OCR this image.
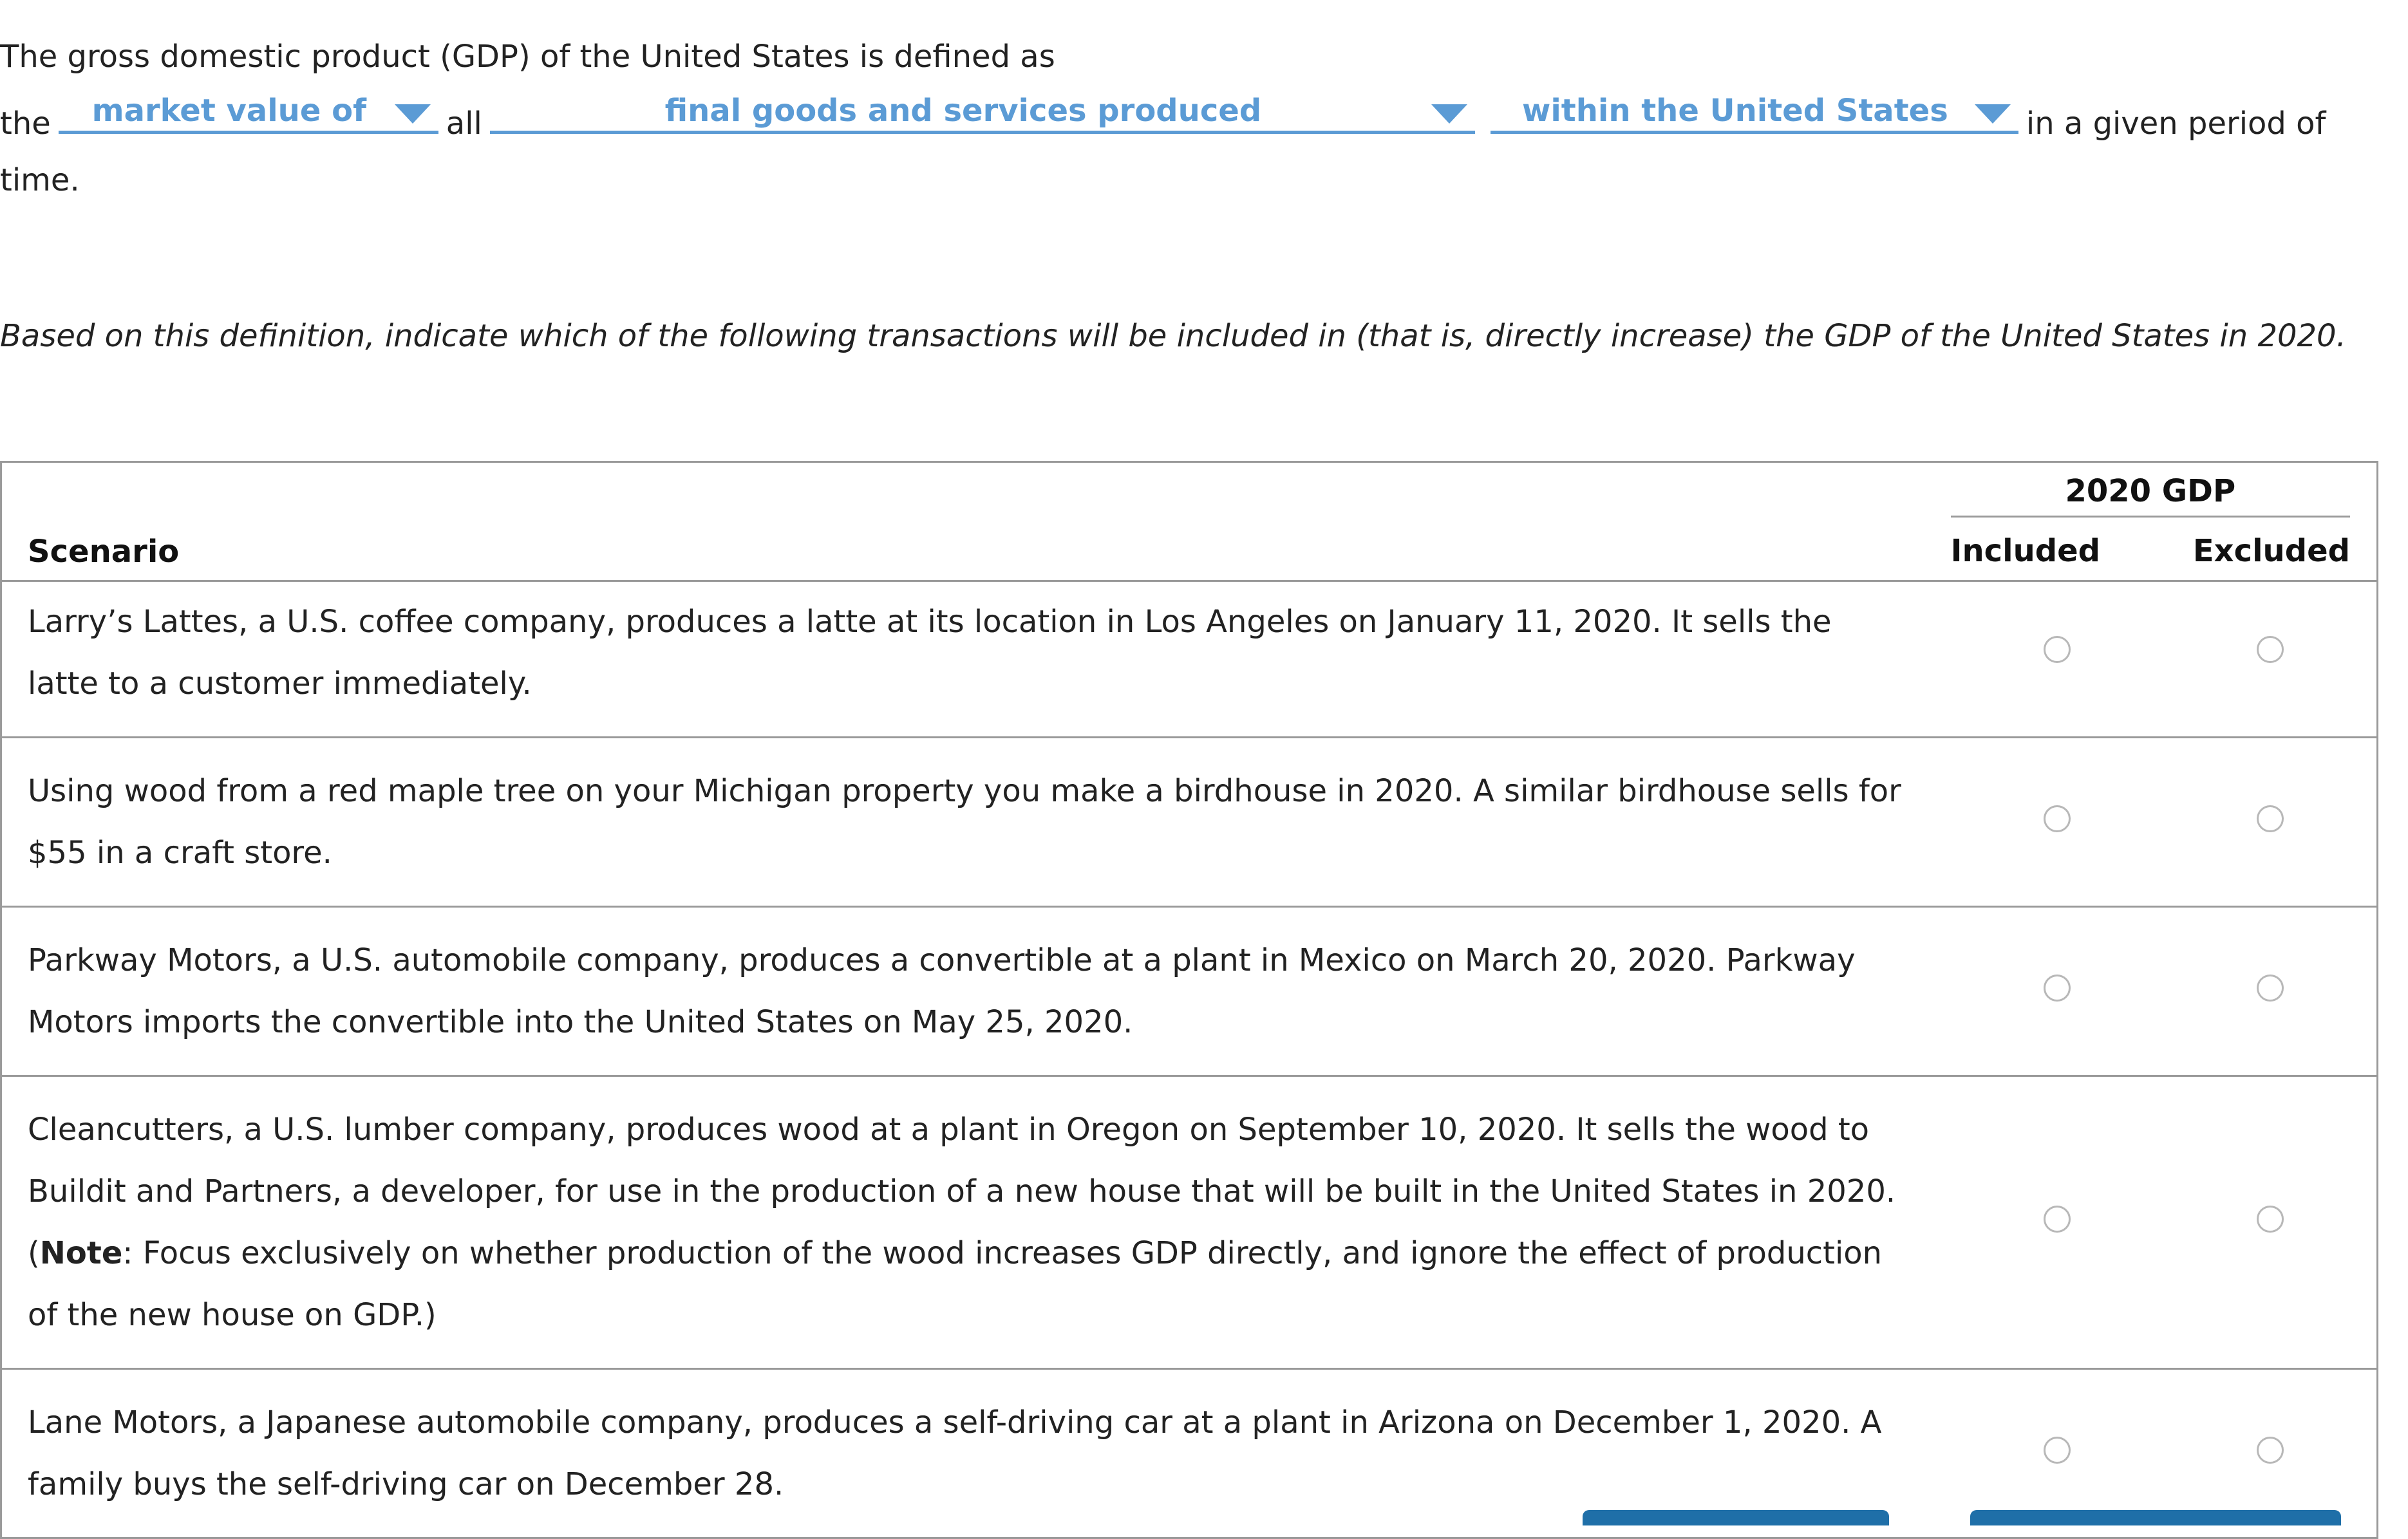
The gross domestic product (GDP) of the United States is defined as
the	market value of	all	final goods and services produced	within the United States	in a given period of
time.
Based on this definition, indicate which of the following transactions will be included in (that is, directly increase) the GDP of the United States in 2020.
Scenario	
2020 GDP
Included	Excluded
Larry’s Lattes, a U.S. coffee company, produces a latte at its location in Los Angeles on January 11, 2020. It sells the latte to a customer immediately.		
Using wood from a red maple tree on your Michigan property you make a birdhouse in 2020. A similar birdhouse sells for $55 in a craft store.		
Parkway Motors, a U.S. automobile company, produces a convertible at a plant in Mexico on March 20, 2020. Parkway Motors imports the convertible into the United States on May 25, 2020.		
Cleancutters, a U.S. lumber company, produces wood at a plant in Oregon on September 10, 2020. It sells the wood to Buildit and Partners, a developer, for use in the production of a new house that will be built in the United States in 2020. (Note: Focus exclusively on whether production of the wood increases GDP directly, and ignore the effect of production of the new house on GDP.)		
Lane Motors, a Japanese automobile company, produces a self-driving car at a plant in Arizona on December 1, 2020. A family buys the self-driving car on December 28.		
